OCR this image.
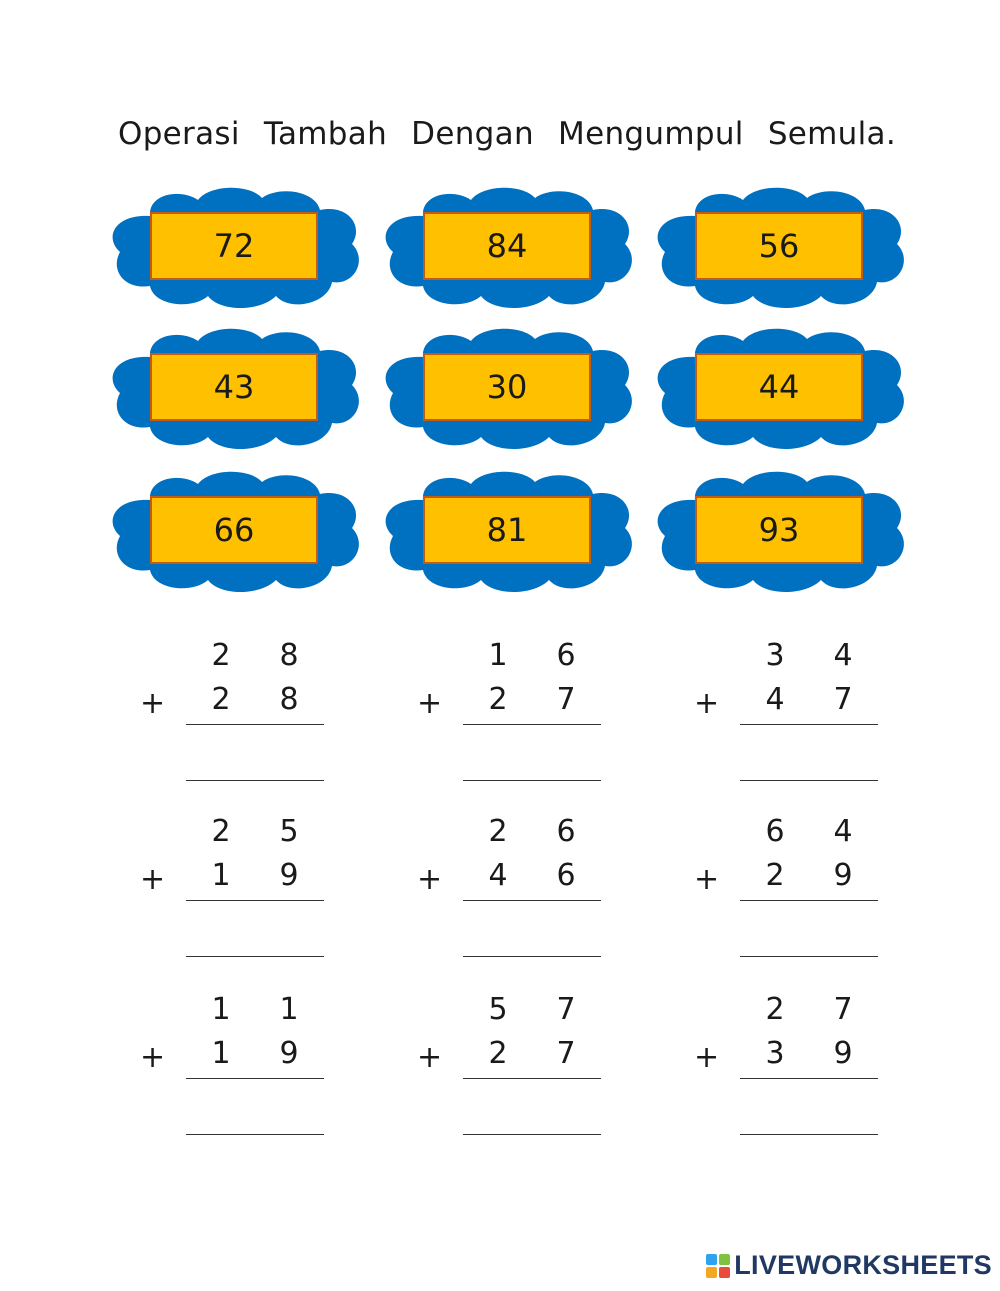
Operasi Tambah Dengan Mengumpul Semula.
72	84	56
43	30	44
66	81	93
2 8
+ 2 8
1 6
+ 2 7
3 4
+ 4 7
2 5
+ 1 9
2 6
+ 4 6
6 4
+ 2 9
1 1
+ 1 9
5 7
+ 2 7
2 7
+ 3 9
LIVEWORKSHEETS
